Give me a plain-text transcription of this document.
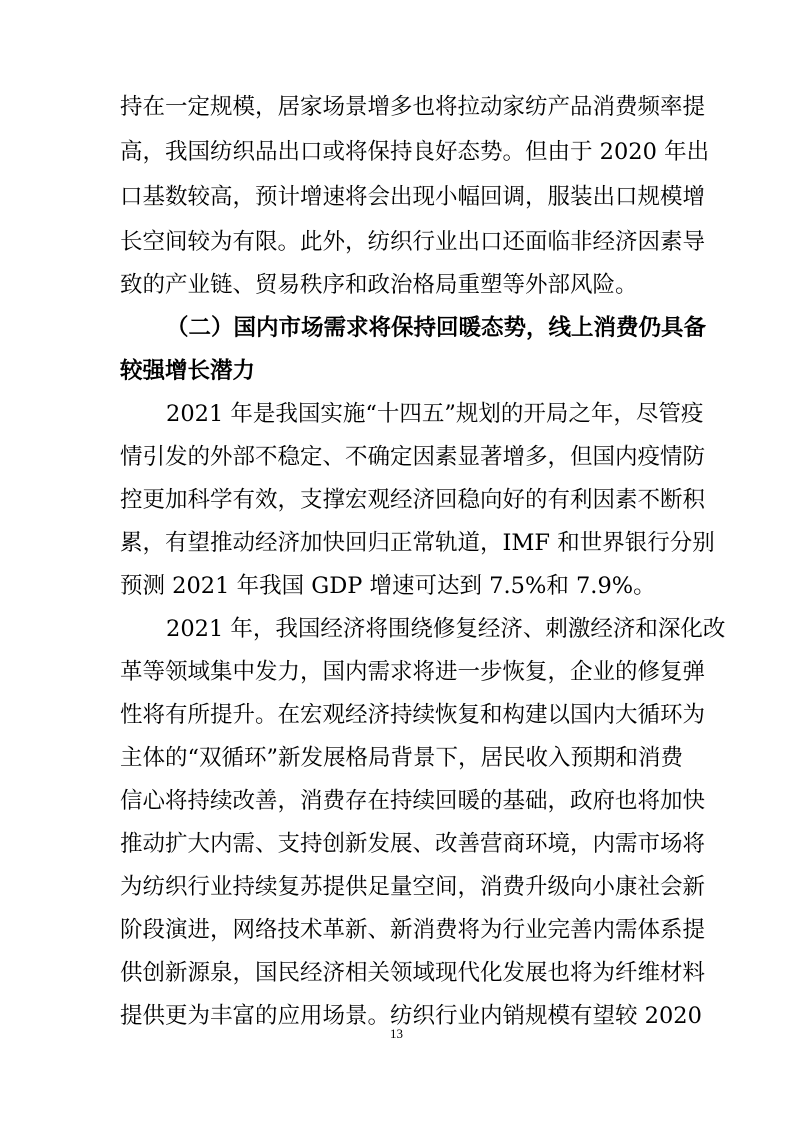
持在一定规模，居家场景增多也将拉动家纺产品消费频率提
高，我国纺织品出口或将保持良好态势。但由于 2020 年出
口基数较高，预计增速将会出现小幅回调，服装出口规模增
长空间较为有限。此外，纺织行业出口还面临非经济因素导
致的产业链、贸易秩序和政治格局重塑等外部风险。
（二）国内市场需求将保持回暖态势，线上消费仍具备
较强增长潜力
2021 年是我国实施“十四五”规划的开局之年，尽管疫
情引发的外部不稳定、不确定因素显著增多，但国内疫情防
控更加科学有效，支撑宏观经济回稳向好的有利因素不断积
累，有望推动经济加快回归正常轨道，IMF 和世界银行分别
预测 2021 年我国 GDP 增速可达到 7.5%和 7.9%。
2021 年，我国经济将围绕修复经济、刺激经济和深化改
革等领域集中发力，国内需求将进一步恢复，企业的修复弹
性将有所提升。在宏观经济持续恢复和构建以国内大循环为
主体的“双循环”新发展格局背景下，居民收入预期和消费
信心将持续改善，消费存在持续回暖的基础，政府也将加快
推动扩大内需、支持创新发展、改善营商环境，内需市场将
为纺织行业持续复苏提供足量空间，消费升级向小康社会新
阶段演进，网络技术革新、新消费将为行业完善内需体系提
供创新源泉，国民经济相关领域现代化发展也将为纤维材料
提供更为丰富的应用场景。纺织行业内销规模有望较 2020
13
